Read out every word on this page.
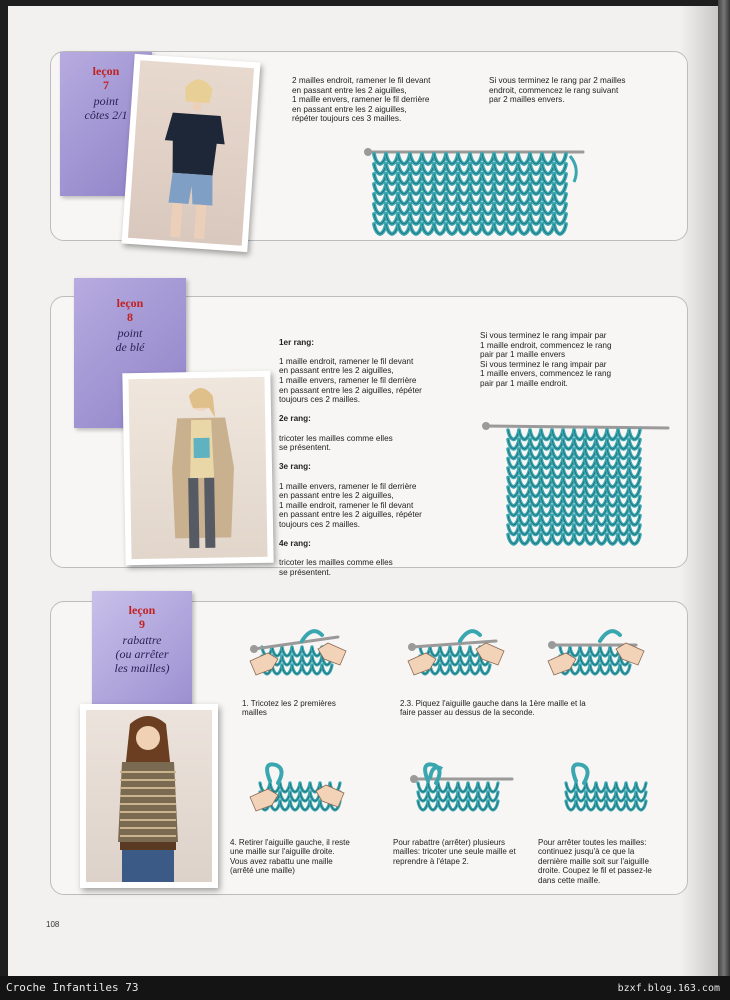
leçon
7
point
côtes 2/1
2 mailles endroit, ramener le fil devant
en passant entre les 2 aiguilles,
1 maille envers, ramener le fil derrière
en passant entre les 2 aiguilles,
répéter toujours ces 3 mailles.
Si vous terminez le rang par 2 mailles
endroit, commencez le rang suivant
par 2 mailles envers.
leçon
8
point
de blé	1er rang:

1 maille endroit, ramener le fil devant
en passant entre les 2 aiguilles,
1 maille envers, ramener le fil derrière
en passant entre les 2 aiguilles, répéter
toujours ces 2 mailles.

2e rang:

tricoter les mailles comme elles
se présentent.

3e rang:

1 maille envers, ramener le fil derrière
en passant entre les 2 aiguilles,
1 maille endroit, ramener le fil devant
en passant entre les 2 aiguilles, répéter
toujours ces 2 mailles.

4e rang:

tricoter les mailles comme elles
se présentent.

Si vous terminez le rang impair par
1 maille endroit, commencez le rang
pair par 1 maille envers
Si vous terminez le rang impair par
1 maille envers, commencez le rang
pair par 1 maille endroit.
leçon
9
rabattre
(ou arrêter
les mailles)
1. Tricotez les 2 premières
mailles
2.3. Piquez l'aiguille gauche dans la 1ère maille et la
faire passer au dessus de la seconde.
4. Retirer l'aiguille gauche, il reste
une maille sur l'aiguille droite.
Vous avez rabattu une maille
(arrêté une maille)
Pour rabattre (arrêter) plusieurs
mailles: tricoter une seule maille et
reprendre à l'étape 2.
Pour arrêter toutes les mailles:
continuez jusqu'à ce que la
dernière maille soit sur l'aiguille
droite. Coupez le fil et passez-le
dans cette maille.
108
Croche Infantiles 73	bzxf.blog.163.com
